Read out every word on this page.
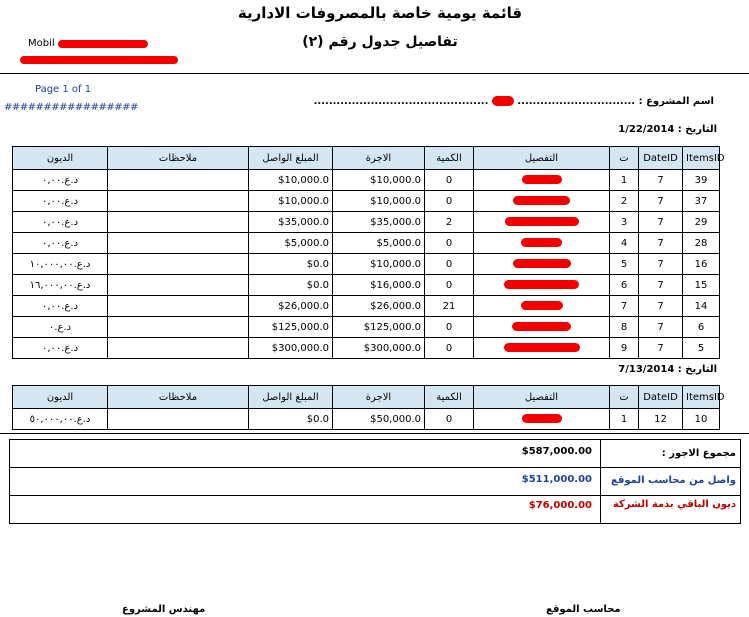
قائمة يومية خاصة بالمصروفات الادارية
تفاصيل جدول رقم (٢)
Mobil
Page 1 of 1
#################
اسم المشروع : ...............................  ..............................................
التاريخ : 1/22/2014
الديون	ملاحظات	المبلغ الواصل	الاجرة	الكمية	التفصيل	ت	DateID	ItemsID
د.ع.٠,٠٠		$10,000.0	$10,000.0	0		1	7	39
د.ع.٠,٠٠		$10,000.0	$10,000.0	0		2	7	37
د.ع.٠,٠٠		$35,000.0	$35,000.0	2		3	7	29
د.ع.٠,٠٠		$5,000.0	$5,000.0	0		4	7	28
د.ع.١٠,٠٠٠,٠٠		$0.0	$10,000.0	0		5	7	16
د.ع.١٦,٠٠٠,٠٠		$0.0	$16,000.0	0		6	7	15
د.ع.٠,٠٠		$26,000.0	$26,000.0	21		7	7	14
د.ع.٠		$125,000.0	$125,000.0	0		8	7	6
د.ع.٠,٠٠		$300,000.0	$300,000.0	0		9	7	5
التاريخ : 7/13/2014
الديون	ملاحظات	المبلغ الواصل	الاجرة	الكمية	التفصيل	ت	DateID	ItemsID
د.ع.٥٠,٠٠٠,٠٠		$0.0	$50,000.0	0		1	12	10
مجموع الاجور :
$587,000.00
واصل من محاسب الموقع
$511,000.00
ديون الباقي بذمة الشركة
$76,000.00
مهندس المشروع	محاسب الموقع
